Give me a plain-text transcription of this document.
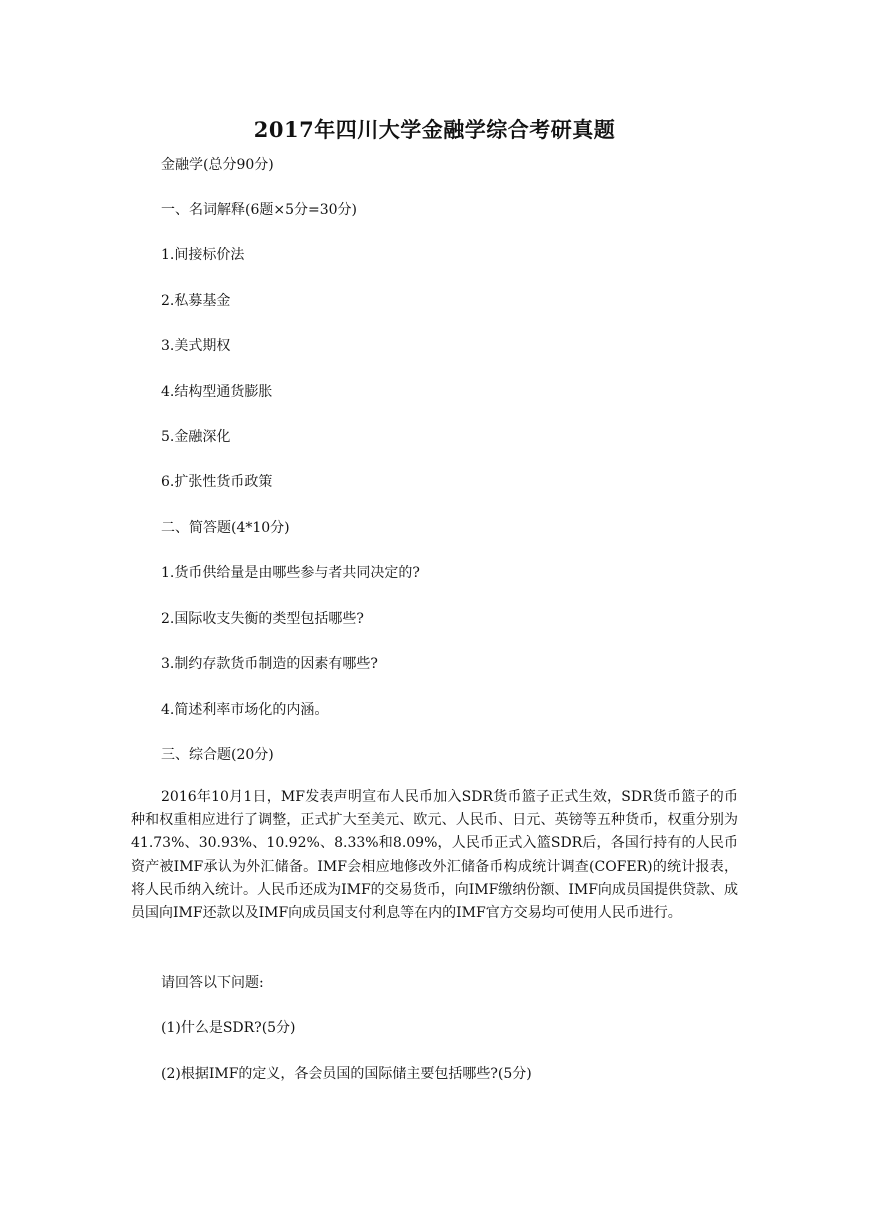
2017年四川大学金融学综合考研真题
金融学(总分90分)
一、名词解释(6题×5分=30分)
1.间接标价法
2.私募基金
3.美式期权
4.结构型通货膨胀
5.金融深化
6.扩张性货币政策
二、简答题(4*10分)
1.货币供给量是由哪些参与者共同决定的?
2.国际收支失衡的类型包括哪些?
3.制约存款货币制造的因素有哪些?
4.简述利率市场化的内涵。
三、综合题(20分)
2016年10月1日，MF发表声明宣布人民币加入SDR货币篮子正式生效，SDR货币篮子的币种和权重相应进行了调整，正式扩大至美元、欧元、人民币、日元、英镑等五种货币，权重分别为41.73%、30.93%、10.92%、8.33%和8.09%，人民币正式入篮SDR后，各国行持有的人民币资产被IMF承认为外汇储备。IMF会相应地修改外汇储备币构成统计调查(COFER)的统计报表，将人民币纳入统计。人民币还成为IMF的交易货币，向IMF缴纳份额、IMF向成员国提供贷款、成员国向IMF还款以及IMF向成员国支付利息等在内的IMF官方交易均可使用人民币进行。
请回答以下问题:
(1)什么是SDR?(5分)
(2)根据IMF的定义，各会员国的国际储主要包括哪些?(5分)
